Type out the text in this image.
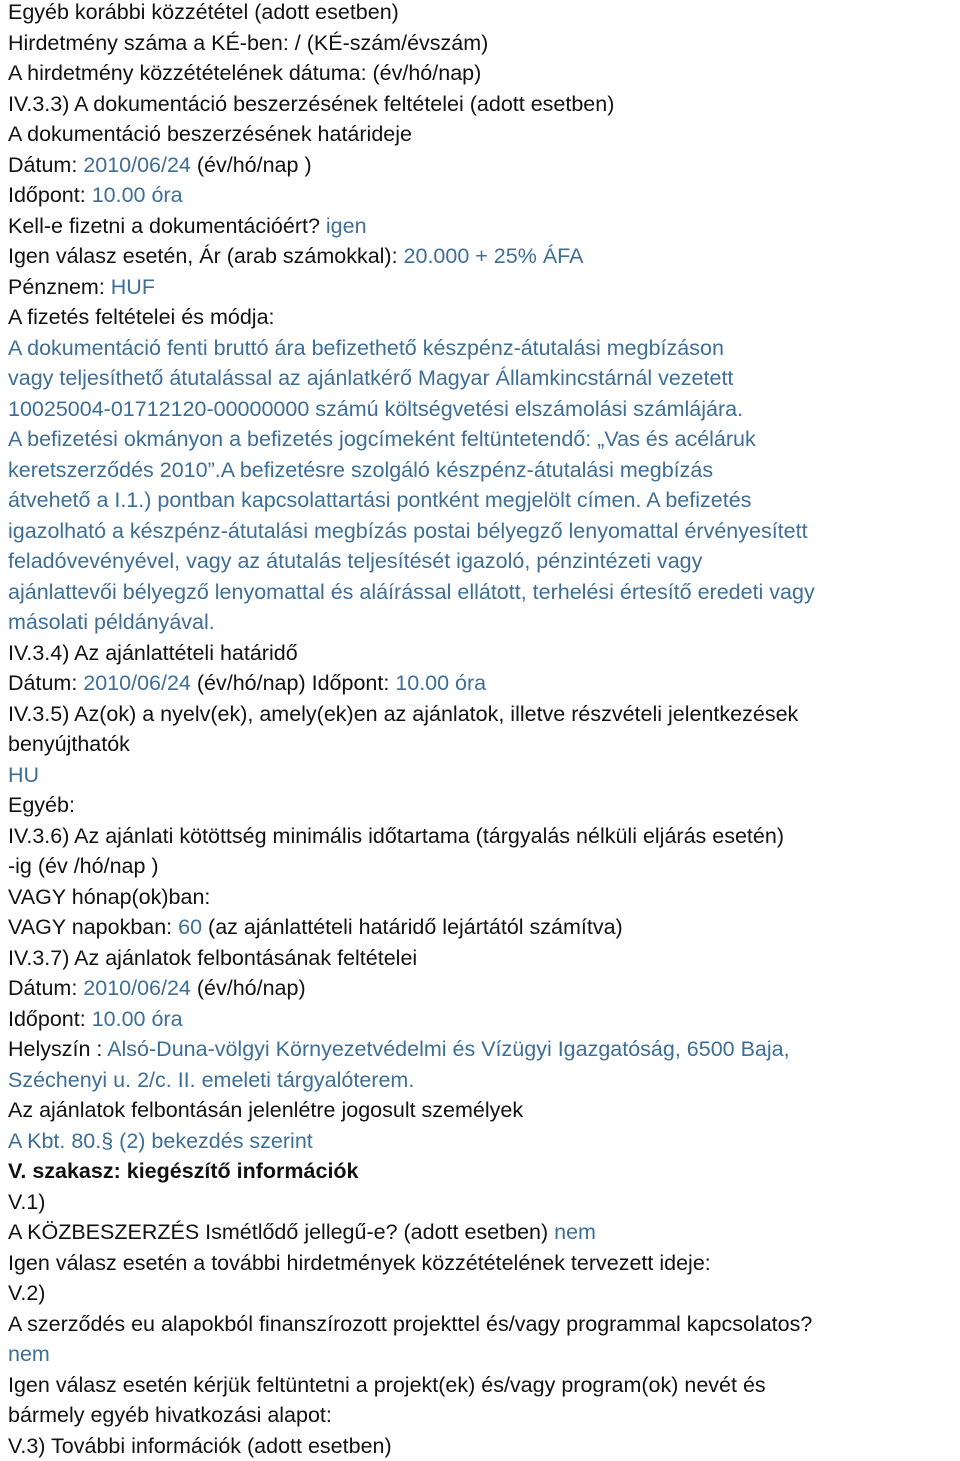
Egyéb korábbi közzététel (adott esetben)
Hirdetmény száma a KÉ-ben: / (KÉ-szám/évszám)
A hirdetmény közzétételének dátuma: (év/hó/nap)
IV.3.3) A dokumentáció beszerzésének feltételei (adott esetben)
A dokumentáció beszerzésének határideje
Dátum: 2010/06/24 (év/hó/nap )
Időpont: 10.00 óra
Kell-e fizetni a dokumentációért? igen
Igen válasz esetén, Ár (arab számokkal): 20.000 + 25% ÁFA
Pénznem: HUF
A fizetés feltételei és módja:
A dokumentáció fenti bruttó ára befizethető készpénz-átutalási megbízáson
vagy teljesíthető átutalással az ajánlatkérő Magyar Államkincstárnál vezetett
10025004-01712120-00000000 számú költségvetési elszámolási számlájára.
A befizetési okmányon a befizetés jogcímeként feltüntetendő: „Vas és acéláruk
keretszerződés 2010”.A befizetésre szolgáló készpénz-átutalási megbízás
átvehető a I.1.) pontban kapcsolattartási pontként megjelölt címen. A befizetés
igazolható a készpénz-átutalási megbízás postai bélyegző lenyomattal érvényesített
feladóvevényével, vagy az átutalás teljesítését igazoló, pénzintézeti vagy
ajánlattevői bélyegző lenyomattal és aláírással ellátott, terhelési értesítő eredeti vagy
másolati példányával.
IV.3.4) Az ajánlattételi határidő
Dátum: 2010/06/24 (év/hó/nap) Időpont: 10.00 óra
IV.3.5) Az(ok) a nyelv(ek), amely(ek)en az ajánlatok, illetve részvételi jelentkezések
benyújthatók
HU
Egyéb:
IV.3.6) Az ajánlati kötöttség minimális időtartama (tárgyalás nélküli eljárás esetén)
-ig (év /hó/nap )
VAGY hónap(ok)ban:
VAGY napokban: 60 (az ajánlattételi határidő lejártától számítva)
IV.3.7) Az ajánlatok felbontásának feltételei
Dátum: 2010/06/24 (év/hó/nap)
Időpont: 10.00 óra
Helyszín : Alsó-Duna-völgyi Környezetvédelmi és Vízügyi Igazgatóság, 6500 Baja,
Széchenyi u. 2/c. II. emeleti tárgyalóterem.
Az ajánlatok felbontásán jelenlétre jogosult személyek
A Kbt. 80.§ (2) bekezdés szerint
V. szakasz: kiegészítő információk
V.1)
A KÖZBESZERZÉS Ismétlődő jellegű-e? (adott esetben) nem
Igen válasz esetén a további hirdetmények közzétételének tervezett ideje:
V.2)
A szerződés eu alapokból finanszírozott projekttel és/vagy programmal kapcsolatos?
nem
Igen válasz esetén kérjük feltüntetni a projekt(ek) és/vagy program(ok) nevét és
bármely egyéb hivatkozási alapot:
V.3) További információk (adott esetben)
